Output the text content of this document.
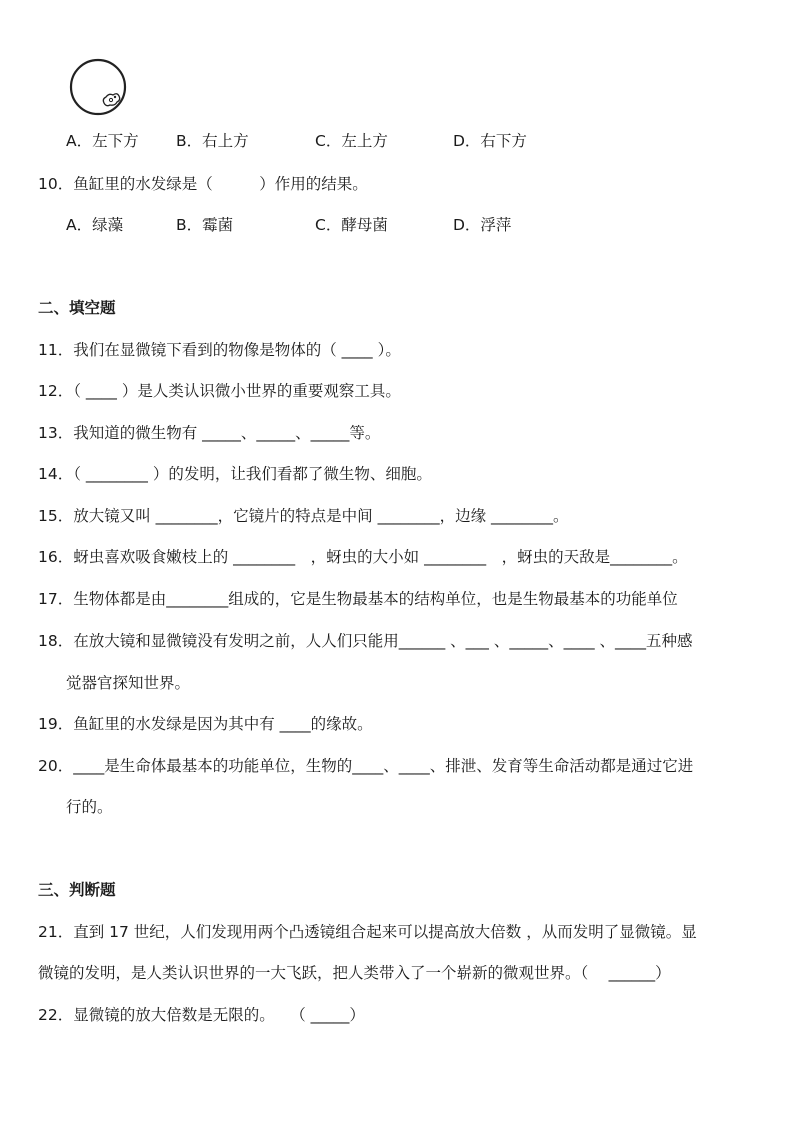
A．左下方 B．右上方	C．左上方	D．右下方
10．鱼缸里的水发绿是（　　　）作用的结果。
A．绿藻	B．霉菌	C．酵母菌	D．浮萍
二、填空题
11．我们在显微镜下看到的物像是物体的（ ____ ）。
12．（ ____ ）是人类认识微小世界的重要观察工具。
13．我知道的微生物有 _____、_____、_____等。
14．（ ________ ）的发明，让我们看都了微生物、细胞。
15．放大镜又叫 ________，它镜片的特点是中间 ________，边缘 ________。
16．蚜虫喜欢吸食嫩枝上的 ________　，蚜虫的大小如 ________　，蚜虫的天敌是________。
17．生物体都是由________组成的，它是生物最基本的结构单位，也是生物最基本的功能单位
18．在放大镜和显微镜没有发明之前，人人们只能用______ 、___ 、_____、____ 、____五种感
觉器官探知世界。
19．鱼缸里的水发绿是因为其中有 ____的缘故。
20．____是生命体最基本的功能单位，生物的____、____、排泄、发育等生命活动都是通过它进
行的。
三、判断题
21．直到 17 世纪，人们发现用两个凸透镜组合起来可以提高放大倍数 ，从而发明了显微镜。显
微镜的发明，是人类认识世界的一大飞跃，把人类带入了一个崭新的微观世界。（　 ______）
22．显微镜的放大倍数是无限的。　　（ _____）
